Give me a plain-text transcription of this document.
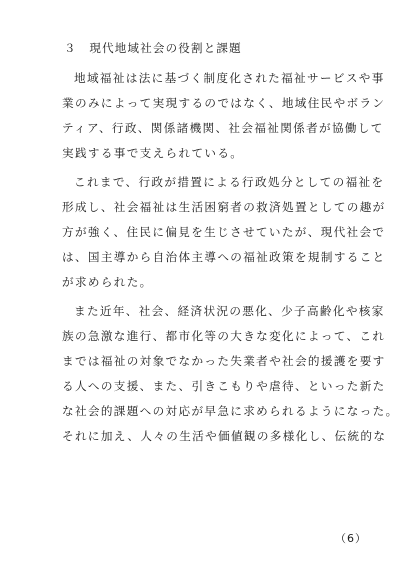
３　現代地域社会の役割と課題
地域福祉は法に基づく制度化された福祉サービスや事
業のみによって実現するのではなく、地域住民やボラン
ティア、行政、関係諸機関、社会福祉関係者が協働して
実践する事で支えられている。
これまで、行政が措置による行政処分としての福祉を
形成し、社会福祉は生活困窮者の救済処置としての趣が
方が強く、住民に偏見を生じさせていたが、現代社会で
は、国主導から自治体主導への福祉政策を規制すること
が求められた。
また近年、社会、経済状況の悪化、少子高齢化や核家
族の急激な進行、都市化等の大きな変化によって、これ
までは福祉の対象でなかった失業者や社会的援護を要す
る人への支援、また、引きこもりや虐待、といった新た
な社会的課題への対応が早急に求められるようになった。
それに加え、人々の生活や価値観の多様化し、伝統的な
（6）
